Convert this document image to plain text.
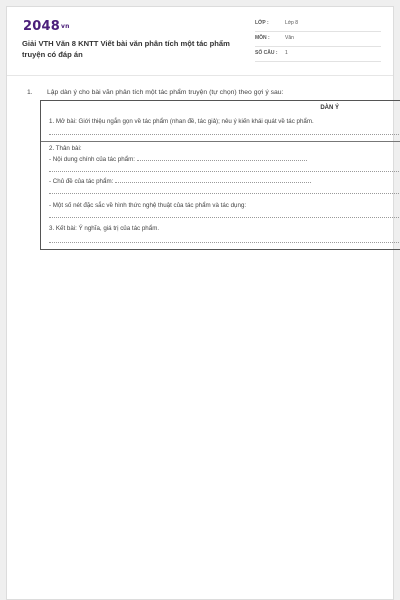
2048vn
Giải VTH Văn 8 KNTT Viết bài văn phân tích một tác phẩm truyện có đáp án
LỚP :	Lớp 8
MÔN :	Văn
SỐ CÂU : 1
1. Lập dàn ý cho bài văn phân tích một tác phẩm truyện (tự chọn) theo gợi ý sau:
DÀN Ý
1. Mở bài: Giới thiệu ngắn gọn về tác phẩm (nhan đề, tác giả); nêu ý kiến khái quát về tác phẩm.
2. Thân bài:
- Nội dung chính của tác phẩm:
- Chủ đề của tác phẩm:
- Một số nét đặc sắc về hình thức nghệ thuật của tác phẩm và tác dụng:
3. Kết bài: Ý nghĩa, giá trị của tác phẩm.
